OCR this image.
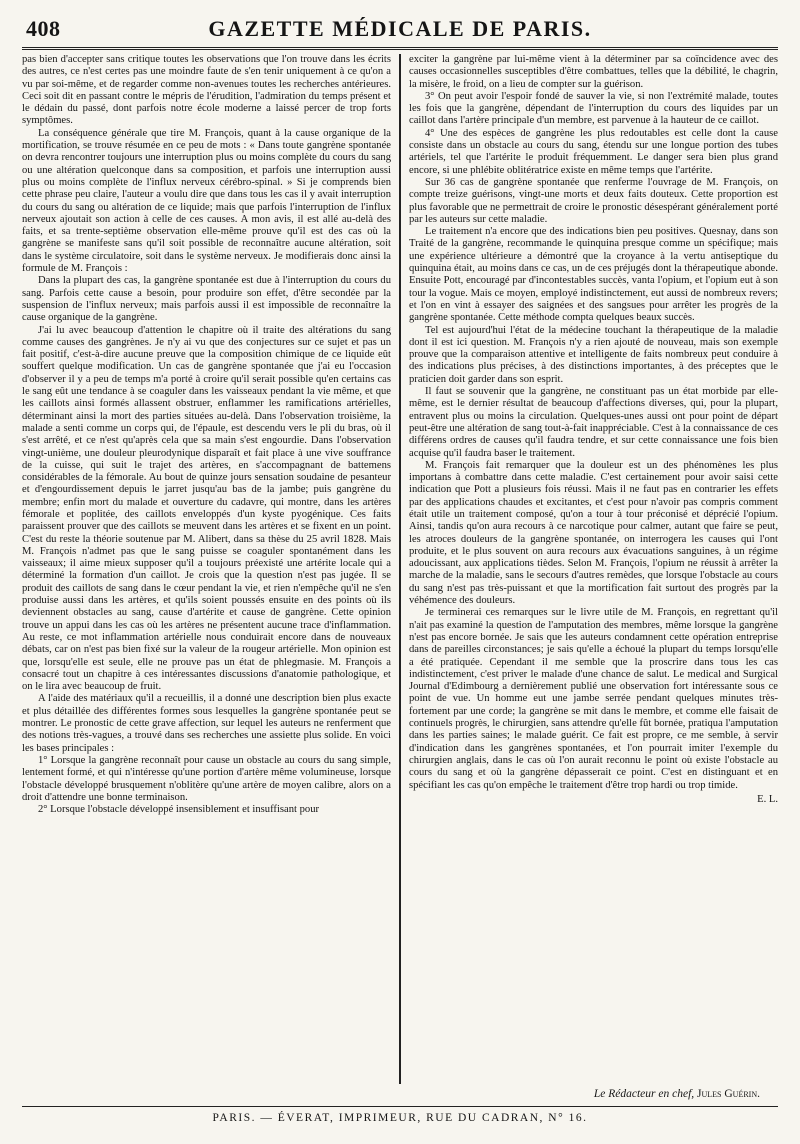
408	GAZETTE MÉDICALE DE PARIS.

pas bien d'accepter sans critique toutes les observations que l'on trouve dans les écrits des autres, ce n'est certes pas une moindre faute de s'en tenir uniquement à ce qu'on a vu par soi-même, et de regarder comme non-avenues toutes les recherches antérieures. Ceci soit dit en passant contre le mépris de l'érudition, l'admiration du temps présent et le dédain du passé, dont parfois notre école moderne a laissé percer de trop forts symptômes.

La conséquence générale que tire M. François, quant à la cause organique de la mortification, se trouve résumée en ce peu de mots : « Dans toute gangrène spontanée on devra rencontrer toujours une interruption plus ou moins complète du cours du sang ou une altération quelconque dans sa composition, et parfois une interruption aussi plus ou moins complète de l'influx nerveux cérébro-spinal. » Si je comprends bien cette phrase peu claire, l'auteur a voulu dire que dans tous les cas il y avait interruption du cours du sang ou altération de ce liquide; mais que parfois l'interruption de l'influx nerveux ajoutait son action à celle de ces causes. A mon avis, il est allé au-delà des faits, et sa trente-septième observation elle-même prouve qu'il est des cas où la gangrène se manifeste sans qu'il soit possible de reconnaître aucune altération, soit dans le système circulatoire, soit dans le système nerveux. Je modifierais donc ainsi la formule de M. François :

Dans la plupart des cas, la gangrène spontanée est due à l'interruption du cours du sang. Parfois cette cause a besoin, pour produire son effet, d'être secondée par la suspension de l'influx nerveux; mais parfois aussi il est impossible de reconnaître la cause organique de la gangrène.

J'ai lu avec beaucoup d'attention le chapitre où il traite des altérations du sang comme causes des gangrènes. Je n'y ai vu que des conjectures sur ce sujet et pas un fait positif, c'est-à-dire aucune preuve que la composition chimique de ce liquide eût souffert quelque modification. Un cas de gangrène spontanée que j'ai eu l'occasion d'observer il y a peu de temps m'a porté à croire qu'il serait possible qu'en certains cas le sang eût une tendance à se coaguler dans les vaisseaux pendant la vie même, et que les caillots ainsi formés allassent obstruer, enflammer les ramifications artérielles, déterminant ainsi la mort des parties situées au-delà. Dans l'observation troisième, la malade a senti comme un corps qui, de l'épaule, est descendu vers le pli du bras, où il s'est arrêté, et ce n'est qu'après cela que sa main s'est engourdie. Dans l'observation vingt-unième, une douleur pleurodynique disparaît et fait place à une vive souffrance de la cuisse, qui suit le trajet des artères, en s'accompagnant de battemens considérables de la fémorale. Au bout de quinze jours sensation soudaine de pesanteur et d'engourdissement depuis le jarret jusqu'au bas de la jambe; puis gangrène du membre; enfin mort du malade et ouverture du cadavre, qui montre, dans les artères fémorale et poplitée, des caillots enveloppés d'un kyste pyogénique. Ces faits paraissent prouver que des caillots se meuvent dans les artères et se fixent en un point. C'est du reste la théorie soutenue par M. Alibert, dans sa thèse du 25 avril 1828. Mais M. François n'admet pas que le sang puisse se coaguler spontanément dans les vaisseaux; il aime mieux supposer qu'il a toujours préexisté une artérite locale qui a déterminé la formation d'un caillot. Je crois que la question n'est pas jugée. Il se produit des caillots de sang dans le cœur pendant la vie, et rien n'empêche qu'il ne s'en produise aussi dans les artères, et qu'ils soient poussés ensuite en des points où ils deviennent obstacles au sang, cause d'artérite et cause de gangrène. Cette opinion trouve un appui dans les cas où les artères ne présentent aucune trace d'inflammation. Au reste, ce mot inflammation artérielle nous conduirait encore dans de nouveaux débats, car on n'est pas bien fixé sur la valeur de la rougeur artérielle. Mon opinion est que, lorsqu'elle est seule, elle ne prouve pas un état de phlegmasie. M. François a consacré tout un chapitre à ces intéressantes discussions d'anatomie pathologique, et on le lira avec beaucoup de fruit.

A l'aide des matériaux qu'il a recueillis, il a donné une description bien plus exacte et plus détaillée des différentes formes sous lesquelles la gangrène spontanée peut se montrer. Le pronostic de cette grave affection, sur lequel les auteurs ne renferment que des notions très-vagues, a trouvé dans ses recherches une assiette plus solide. En voici les bases principales :

1° Lorsque la gangrène reconnaît pour cause un obstacle au cours du sang simple, lentement formé, et qui n'intéresse qu'une portion d'artère même volumineuse, lorsque l'obstacle développé brusquement n'oblitère qu'une artère de moyen calibre, alors on a droit d'attendre une bonne terminaison.

2° Lorsque l'obstacle développé insensiblement et insuffisant pour

exciter la gangrène par lui-même vient à la déterminer par sa coïncidence avec des causes occasionnelles susceptibles d'être combattues, telles que la débilité, le chagrin, la misère, le froid, on a lieu de compter sur la guérison.

3° On peut avoir l'espoir fondé de sauver la vie, si non l'extrémité malade, toutes les fois que la gangrène, dépendant de l'interruption du cours des liquides par un caillot dans l'artère principale d'un membre, est parvenue à la hauteur de ce caillot.

4° Une des espèces de gangrène les plus redoutables est celle dont la cause consiste dans un obstacle au cours du sang, étendu sur une longue portion des tubes artériels, tel que l'artérite le produit fréquemment. Le danger sera bien plus grand encore, si une phlébite oblitératrice existe en même temps que l'artérite.

Sur 36 cas de gangrène spontanée que renferme l'ouvrage de M. François, on compte treize guérisons, vingt-une morts et deux faits douteux. Cette proportion est plus favorable que ne permettrait de croire le pronostic désespérant généralement porté par les auteurs sur cette maladie.

Le traitement n'a encore que des indications bien peu positives. Quesnay, dans son Traité de la gangrène, recommande le quinquina presque comme un spécifique; mais une expérience ultérieure a démontré que la croyance à la vertu antiseptique du quinquina était, au moins dans ce cas, un de ces préjugés dont la thérapeutique abonde. Ensuite Pott, encouragé par d'incontestables succès, vanta l'opium, et l'opium eut à son tour la vogue. Mais ce moyen, employé indistinctement, eut aussi de nombreux revers; et l'on en vint à essayer des saignées et des sangsues pour arrêter les progrès de la gangrène spontanée. Cette méthode compta quelques beaux succès.

Tel est aujourd'hui l'état de la médecine touchant la thérapeutique de la maladie dont il est ici question. M. François n'y a rien ajouté de nouveau, mais son exemple prouve que la comparaison attentive et intelligente de faits nombreux peut conduire à des indications plus précises, à des distinctions importantes, à des préceptes que le praticien doit garder dans son esprit.

Il faut se souvenir que la gangrène, ne constituant pas un état morbide par elle-même, est le dernier résultat de beaucoup d'affections diverses, qui, pour la plupart, entravent plus ou moins la circulation. Quelques-unes aussi ont pour point de départ peut-être une altération de sang tout-à-fait inappréciable. C'est à la connaissance de ces différens ordres de causes qu'il faudra tendre, et sur cette connaissance une fois bien acquise qu'il faudra baser le traitement.

M. François fait remarquer que la douleur est un des phénomènes les plus importans à combattre dans cette maladie. C'est certainement pour avoir saisi cette indication que Pott a plusieurs fois réussi. Mais il ne faut pas en contrarier les effets par des applications chaudes et excitantes, et c'est pour n'avoir pas compris comment était utile un traitement composé, qu'on a tour à tour préconisé et déprécié l'opium. Ainsi, tandis qu'on aura recours à ce narcotique pour calmer, autant que faire se peut, les atroces douleurs de la gangrène spontanée, on interrogera les causes qui l'ont produite, et le plus souvent on aura recours aux évacuations sanguines, à un régime adoucissant, aux applications tièdes. Selon M. François, l'opium ne réussit à arrêter la marche de la maladie, sans le secours d'autres remèdes, que lorsque l'obstacle au cours du sang n'est pas très-puissant et que la mortification fait surtout des progrès par la véhémence des douleurs.

Je terminerai ces remarques sur le livre utile de M. François, en regrettant qu'il n'ait pas examiné la question de l'amputation des membres, même lorsque la gangrène n'est pas encore bornée. Je sais que les auteurs condamnent cette opération entreprise dans de pareilles circonstances; je sais qu'elle a échoué la plupart du temps lorsqu'elle a été pratiquée. Cependant il me semble que la proscrire dans tous les cas indistinctement, c'est priver le malade d'une chance de salut. Le medical and Surgical Journal d'Edimbourg a dernièrement publié une observation fort intéressante sous ce point de vue. Un homme eut une jambe serrée pendant quelques minutes très-fortement par une corde; la gangrène se mit dans le membre, et comme elle faisait de continuels progrès, le chirurgien, sans attendre qu'elle fût bornée, pratiqua l'amputation dans les parties saines; le malade guérit. Ce fait est propre, ce me semble, à servir d'indication dans les gangrènes spontanées, et l'on pourrait imiter l'exemple du chirurgien anglais, dans le cas où l'on aurait reconnu le point où existe l'obstacle au cours du sang et où la gangrène dépasserait ce point. C'est en distinguant et en spécifiant les cas qu'on empêche le traitement d'être trop hardi ou trop timide.

E. L.

Le Rédacteur en chef, Jules Guérin.
PARIS. — ÉVERAT, IMPRIMEUR, RUE DU CADRAN, N° 16.
